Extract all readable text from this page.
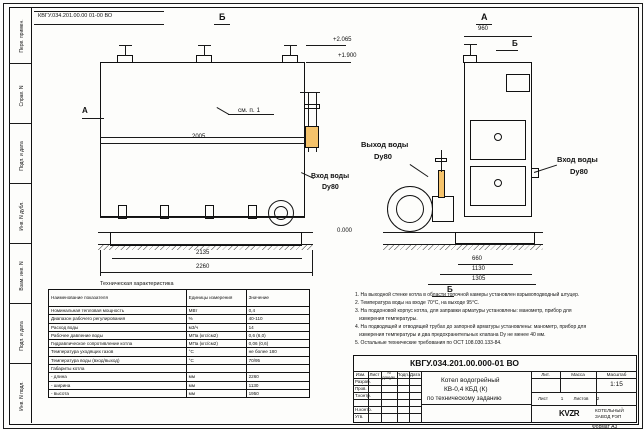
Инв. N подл.
Подп. и дата
Взам. инв. N
Инв. N дубл.
Подп. и дата
Справ. N
Перв. примен.
КВГУ.034.201.00.00 01-00 ВО	Б
+2.065
+1.900
0.000
А	см. п. 1
2005
2135
2260
Вход воды
Dу80
А
Б
960
Выход воды
Dу80	Вход воды
Dу80
660
1130
1305
Б
Техническая характеристика
Наименование показателя	Единицы измерения	Значение
Номинальная тепловая мощность	МВт	0,4
Диапазон рабочего регулирования	%	40-110
Расход воды	м3/ч	14
Рабочее давление воды	МПа (кгс/см2)	0,6 (6,0)
Гидравлическое сопротивление котла	МПа (кгс/см2)	0,06 (0,6)
Температура уходящих газов	°С	не более 180
Температура воды (вход/выход)	°С	70/95
Габариты котла		
- длина	мм	2260
- ширина	мм	1130
- высота	мм	1950
1. На выходной стенке котла в области топочной камеры установлен взрывоподводный штуцер.
2. Температура воды на входе 70°С, на выходе 95°С.
3. На поддоновой корпус котла, для заправки арматуры установлены: манометр, прибор для
измерения температуры.
4. На подводящей и отводящей трубах до запорной арматуры установлены: манометр, прибор для
измерения температуры и два предохранительных клапана Dу не менее 40 мм.
5. Остальные технические требования по ОСТ 108.030.133-84.
КВГУ.034.201.00.000-01 ВО
Изм. Лист
N докум.
Подп. Дата
Разраб.
Пров.
Т.контр.
Н.контр.
Утв.
Котел водогрейный
КВ-0,4 КБД (К)
по техническому заданию
Лит.	Масса	Масштаб
1:15
Лист	1	Листов	2
KVZR	КОТЕЛЬНЫЙ
ЗАВОД РЭП
Формат А3
